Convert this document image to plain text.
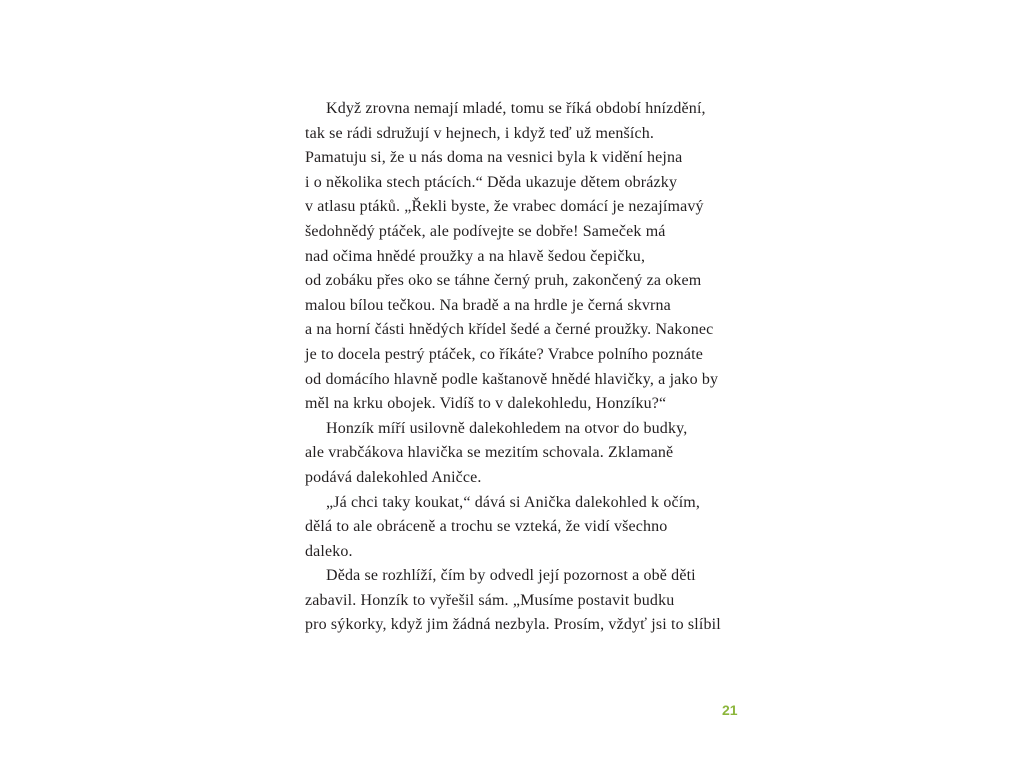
Když zrovna nemají mladé, tomu se říká období hnízdění,
tak se rádi sdružují v hejnech, i když teď už menších.
Pamatuju si, že u nás doma na vesnici byla k vidění hejna
i o několika stech ptácích.“ Děda ukazuje dětem obrázky
v atlasu ptáků. „Řekli byste, že vrabec domácí je nezajímavý
šedohnědý ptáček, ale podívejte se dobře! Sameček má
nad očima hnědé proužky a na hlavě šedou čepičku,
od zobáku přes oko se táhne černý pruh, zakončený za okem
malou bílou tečkou. Na bradě a na hrdle je černá skvrna
a na horní části hnědých křídel šedé a černé proužky. Nakonec
je to docela pestrý ptáček, co říkáte? Vrabce polního poznáte
od domácího hlavně podle kaštanově hnědé hlavičky, a jako by
měl na krku obojek. Vidíš to v dalekohledu, Honzíku?“
Honzík míří usilovně dalekohledem na otvor do budky,
ale vrabčákova hlavička se mezitím schovala. Zklamaně
podává dalekohled Aničce.
„Já chci taky koukat,“ dává si Anička dalekohled k očím,
dělá to ale obráceně a trochu se vzteká, že vidí všechno
daleko.
Děda se rozhlíží, čím by odvedl její pozornost a obě děti
zabavil. Honzík to vyřešil sám. „Musíme postavit budku
pro sýkorky, když jim žádná nezbyla. Prosím, vždyť jsi to slíbil
21
